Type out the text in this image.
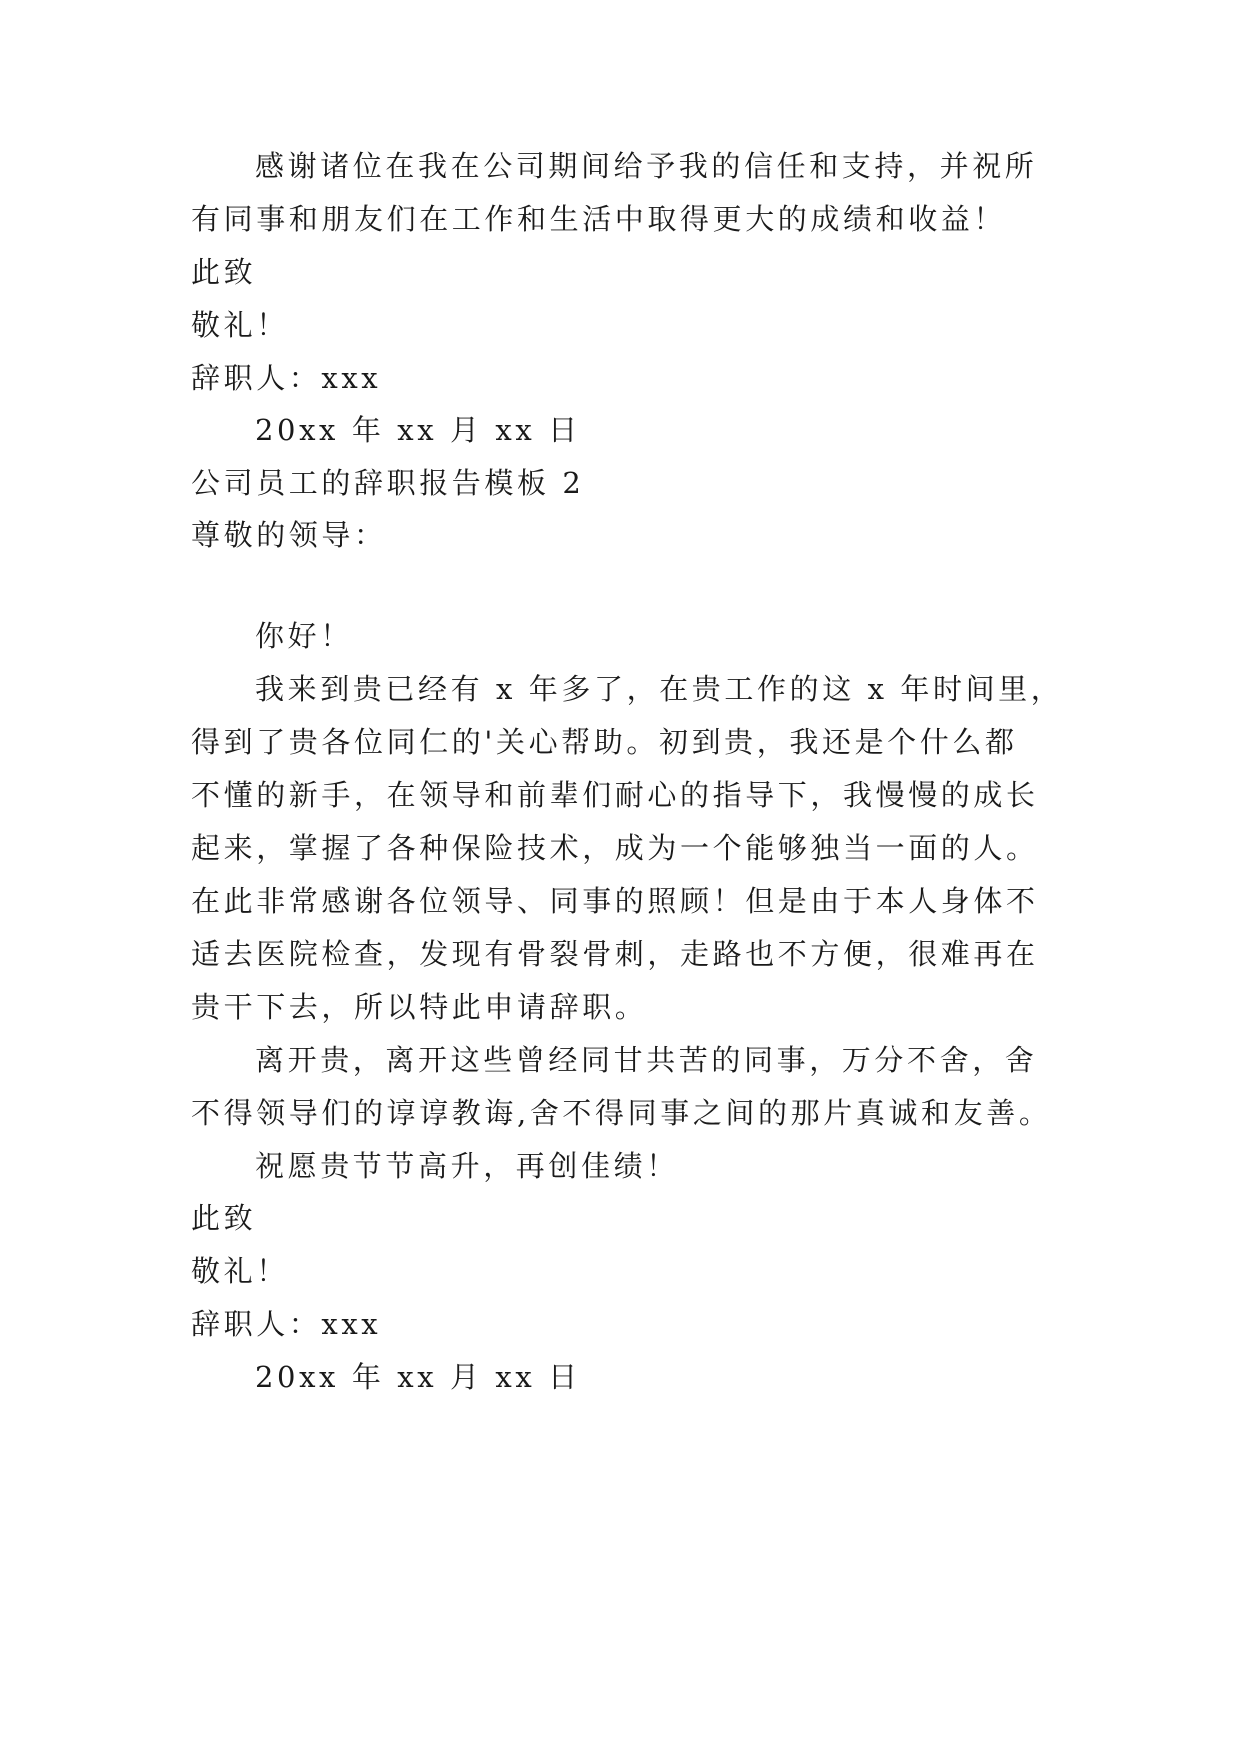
感谢诸位在我在公司期间给予我的信任和支持，并祝所
有同事和朋友们在工作和生活中取得更大的成绩和收益！
此致
敬礼！
辞职人：xxx
20xx 年 xx 月 xx 日
公司员工的辞职报告模板 2
尊敬的领导：
你好！
我来到贵已经有 x 年多了，在贵工作的这 x 年时间里，
得到了贵各位同仁的'关心帮助。初到贵，我还是个什么都
不懂的新手，在领导和前辈们耐心的指导下，我慢慢的成长
起来，掌握了各种保险技术，成为一个能够独当一面的人。
在此非常感谢各位领导、同事的照顾！但是由于本人身体不
适去医院检查，发现有骨裂骨刺，走路也不方便，很难再在
贵干下去，所以特此申请辞职。
离开贵，离开这些曾经同甘共苦的同事，万分不舍，舍
不得领导们的谆谆教诲,舍不得同事之间的那片真诚和友善。
祝愿贵节节高升，再创佳绩！
此致
敬礼！
辞职人：xxx
20xx 年 xx 月 xx 日
